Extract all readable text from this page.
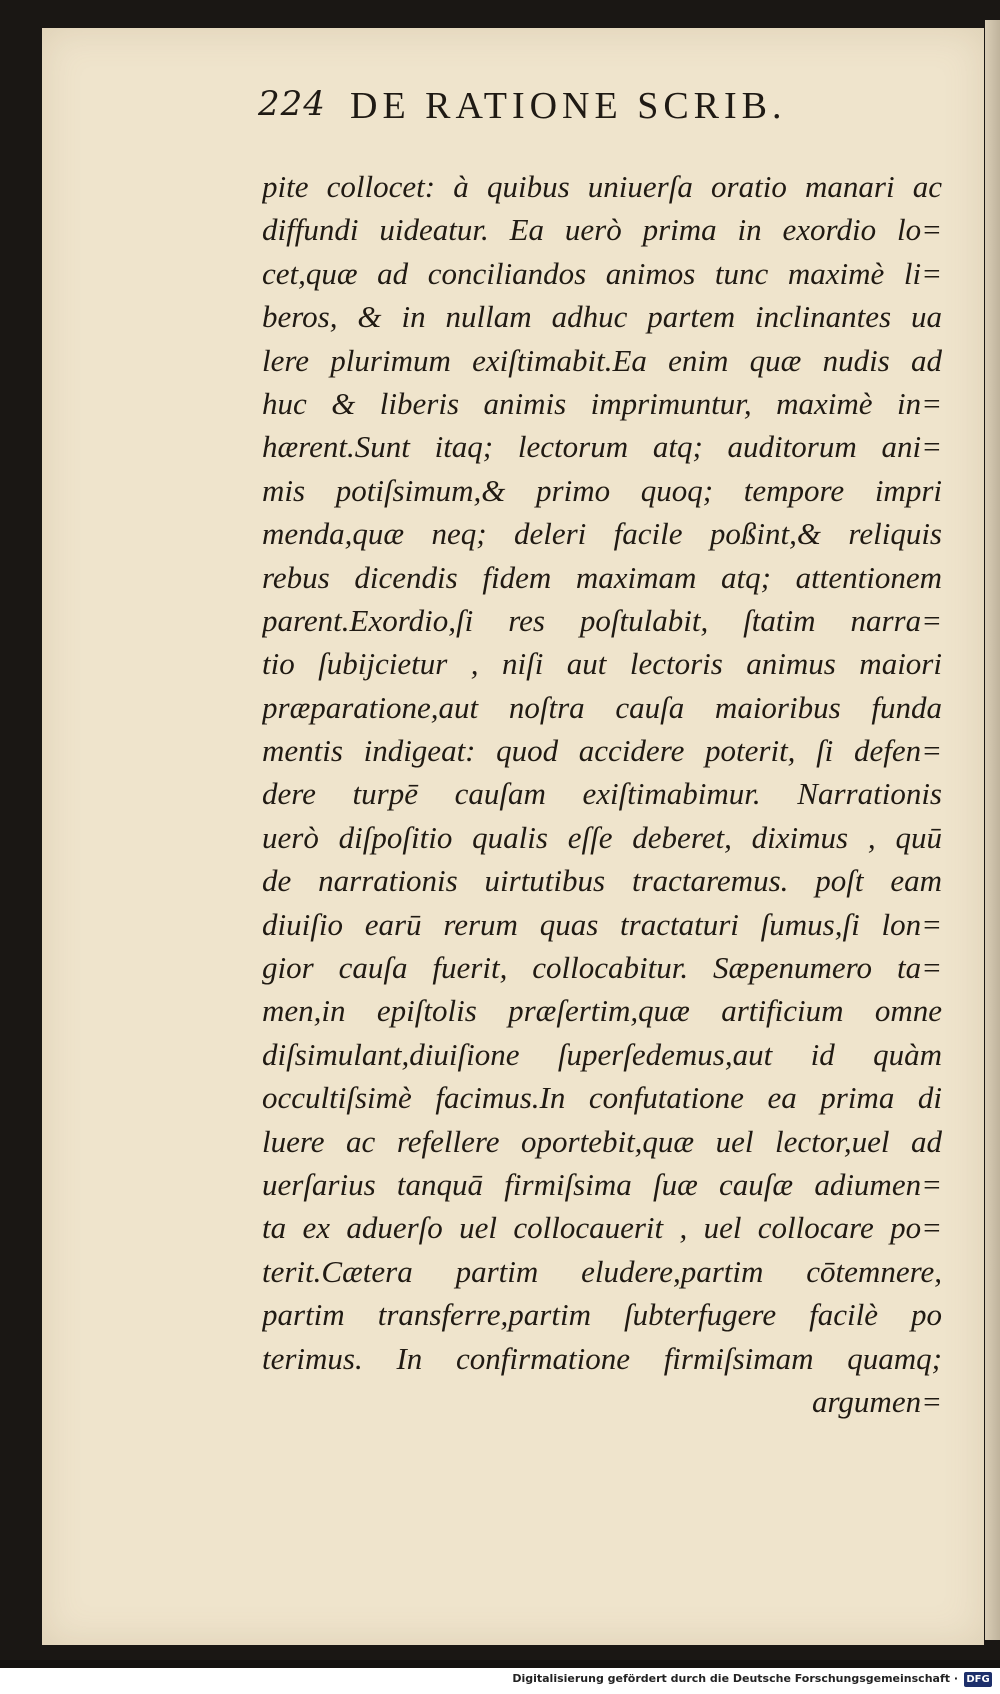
224 DE RATIONE SCRIB.
pite collocet: à quibus uniuerſa oratio manari ac
diffundi uideatur. Ea uerò prima in exordio lo=
cet,quæ ad conciliandos animos tunc maximè li=
beros, & in nullam adhuc partem inclinantes ua
lere plurimum exiſtimabit.Ea enim quæ nudis ad
huc & liberis animis imprimuntur, maximè in=
hærent.Sunt itaq; lectorum atq; auditorum ani=
mis potiſsimum,& primo quoq; tempore impri
menda,quæ neq; deleri facile poßint,& reliquis
rebus dicendis fidem maximam atq; attentionem
parent.Exordio,ſi res poſtulabit, ſtatim narra=
tio ſubijcietur , niſi aut lectoris animus maiori
præparatione,aut noſtra cauſa maioribus funda
mentis indigeat: quod accidere poterit, ſi defen=
dere turpē cauſam exiſtimabimur. Narrationis
uerò diſpoſitio qualis eſſe deberet, diximus , quū
de narrationis uirtutibus tractaremus. poſt eam
diuiſio earū rerum quas tractaturi ſumus,ſi lon=
gior cauſa fuerit, collocabitur. Sæpenumero ta=
men,in epiſtolis præſertim,quæ artificium omne
diſsimulant,diuiſione ſuperſedemus,aut id quàm
occultiſsimè facimus.In confutatione ea prima di
luere ac refellere oportebit,quæ uel lector,uel ad
uerſarius tanquā firmiſsima ſuæ cauſæ adiumen=
ta ex aduerſo uel collocauerit , uel collocare po=
terit.Cætera partim eludere,partim cōtemnere,
partim transferre,partim ſubterfugere facilè po
terimus. In confirmatione firmiſsimam quamq;
argumen=
Digitalisierung gefördert durch die Deutsche Forschungsgemeinschaft · DFG
